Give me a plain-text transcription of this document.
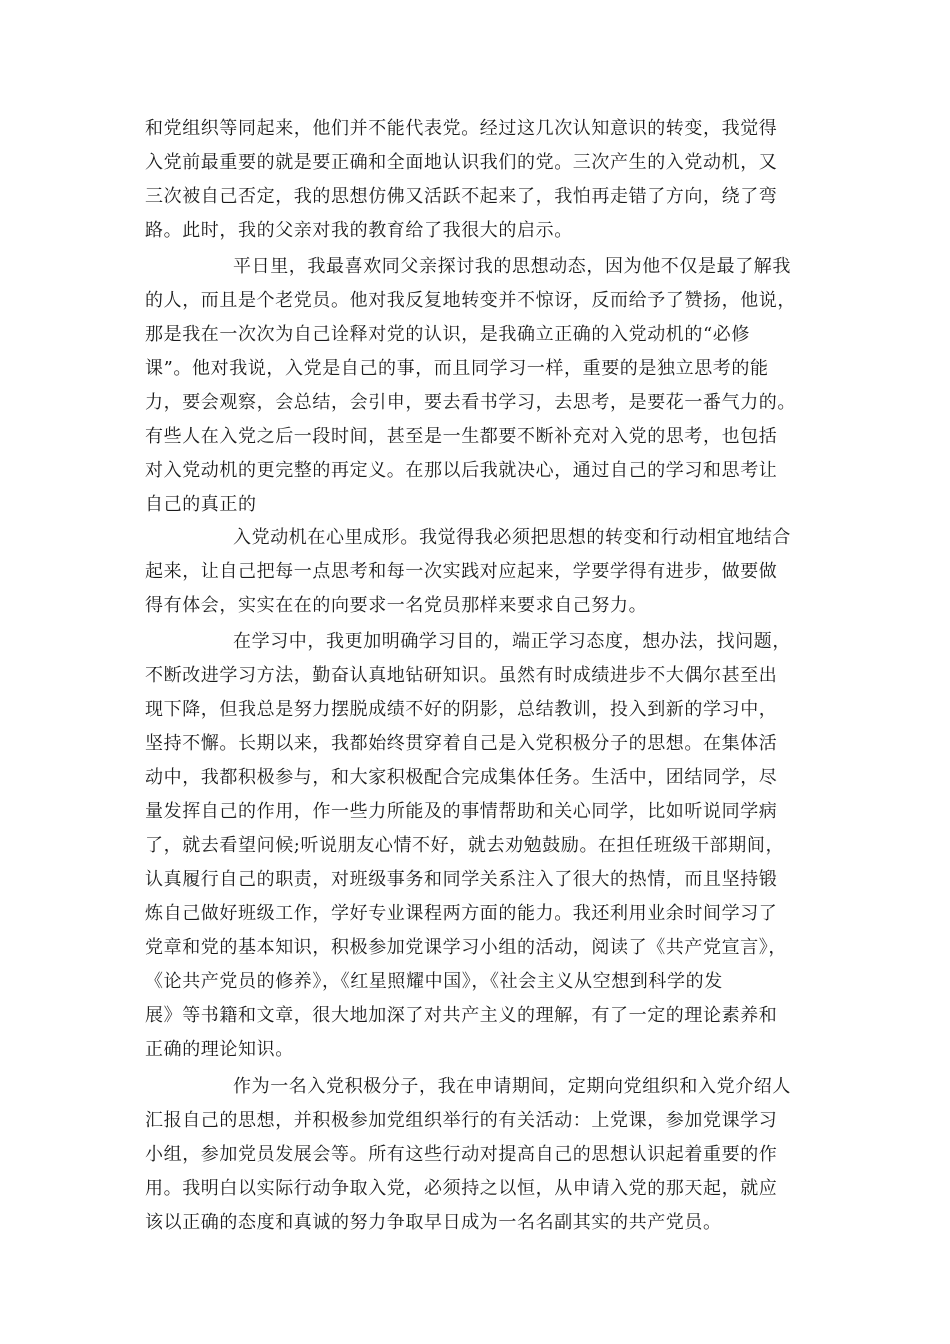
和党组织等同起来，他们并不能代表党。经过这几次认知意识的转变，我觉得
入党前最重要的就是要正确和全面地认识我们的党。三次产生的入党动机，又
三次被自己否定，我的思想仿佛又活跃不起来了，我怕再走错了方向，绕了弯
路。此时，我的父亲对我的教育给了我很大的启示。
平日里，我最喜欢同父亲探讨我的思想动态，因为他不仅是最了解我
的人，而且是个老党员。他对我反复地转变并不惊讶，反而给予了赞扬，他说，
那是我在一次次为自己诠释对党的认识，是我确立正确的入党动机的“必修
课”。他对我说，入党是自己的事，而且同学习一样，重要的是独立思考的能
力，要会观察，会总结，会引申，要去看书学习，去思考，是要花一番气力的。
有些人在入党之后一段时间，甚至是一生都要不断补充对入党的思考，也包括
对入党动机的更完整的再定义。在那以后我就决心，通过自己的学习和思考让
自己的真正的
入党动机在心里成形。我觉得我必须把思想的转变和行动相宜地结合
起来，让自己把每一点思考和每一次实践对应起来，学要学得有进步，做要做
得有体会，实实在在的向要求一名党员那样来要求自己努力。
在学习中，我更加明确学习目的，端正学习态度，想办法，找问题，
不断改进学习方法，勤奋认真地钻研知识。虽然有时成绩进步不大偶尔甚至出
现下降，但我总是努力摆脱成绩不好的阴影，总结教训，投入到新的学习中，
坚持不懈。长期以来，我都始终贯穿着自己是入党积极分子的思想。在集体活
动中，我都积极参与，和大家积极配合完成集体任务。生活中，团结同学，尽
量发挥自己的作用，作一些力所能及的事情帮助和关心同学，比如听说同学病
了，就去看望问候;听说朋友心情不好，就去劝勉鼓励。在担任班级干部期间，
认真履行自己的职责，对班级事务和同学关系注入了很大的热情，而且坚持锻
炼自己做好班级工作，学好专业课程两方面的能力。我还利用业余时间学习了
党章和党的基本知识，积极参加党课学习小组的活动，阅读了《共产党宣言》，
《论共产党员的修养》，《红星照耀中国》，《社会主义从空想到科学的发
展》等书籍和文章，很大地加深了对共产主义的理解，有了一定的理论素养和
正确的理论知识。
作为一名入党积极分子，我在申请期间，定期向党组织和入党介绍人
汇报自己的思想，并积极参加党组织举行的有关活动：上党课，参加党课学习
小组，参加党员发展会等。所有这些行动对提高自己的思想认识起着重要的作
用。我明白以实际行动争取入党，必须持之以恒，从申请入党的那天起，就应
该以正确的态度和真诚的努力争取早日成为一名名副其实的共产党员。
